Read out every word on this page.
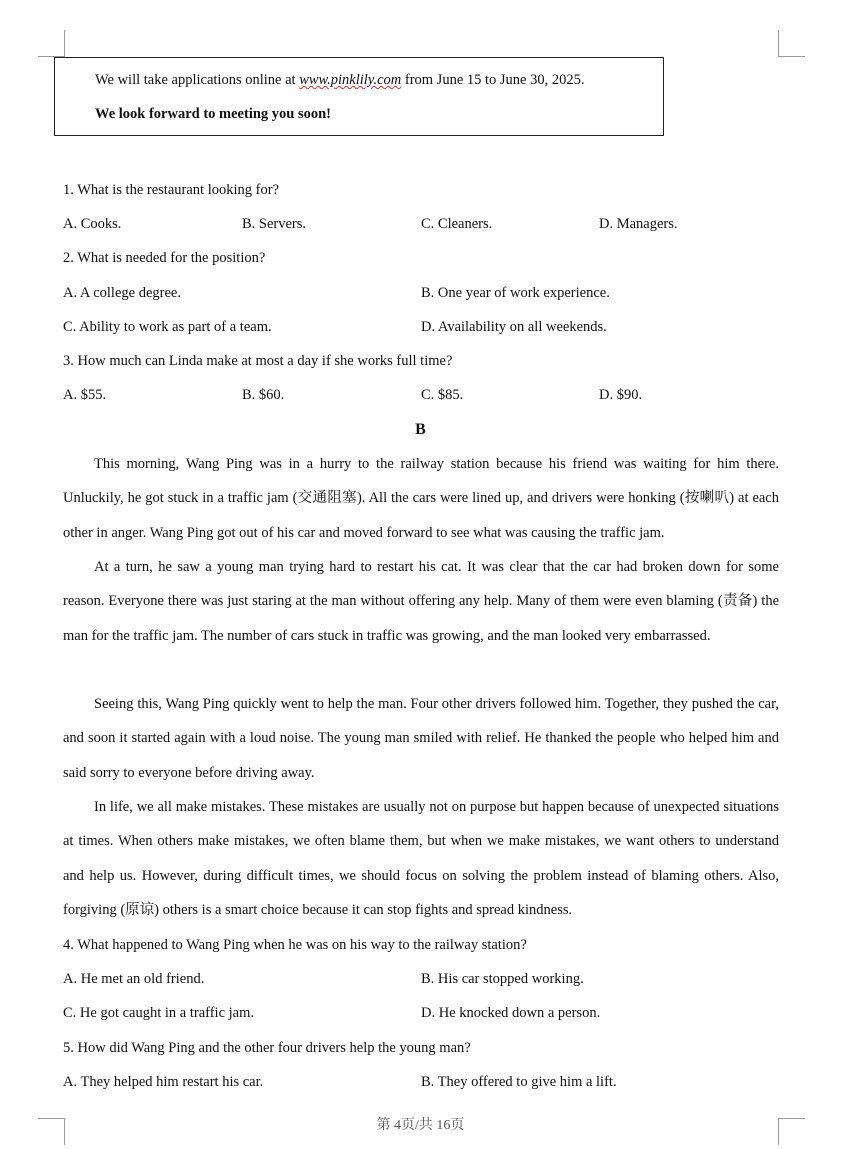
We will take applications online at www.pinklily.com from June 15 to June 30, 2025.
We look forward to meeting you soon!
1. What is the restaurant looking for?
A. Cooks.	B. Servers.	C. Cleaners.	D. Managers.
2. What is needed for the position?
A. A college degree.	B. One year of work experience.
C. Ability to work as part of a team.	D. Availability on all weekends.
3. How much can Linda make at most a day if she works full time?
A. $55.	B. $60.	C. $85.	D. $90.
B

This morning, Wang Ping was in a hurry to the railway station because his friend was waiting for him there. Unluckily, he got stuck in a traffic jam (交通阻塞). All the cars were lined up, and drivers were honking (按喇叭) at each other in anger. Wang Ping got out of his car and moved forward to see what was causing the traffic jam.

At a turn, he saw a young man trying hard to restart his cat. It was clear that the car had broken down for some reason. Everyone there was just staring at the man without offering any help. Many of them were even blaming (责备) the man for the traffic jam. The number of cars stuck in traffic was growing, and the man looked very embarrassed.

Seeing this, Wang Ping quickly went to help the man. Four other drivers followed him. Together, they pushed the car, and soon it started again with a loud noise. The young man smiled with relief. He thanked the people who helped him and said sorry to everyone before driving away.

In life, we all make mistakes. These mistakes are usually not on purpose but happen because of unexpected situations at times. When others make mistakes, we often blame them, but when we make mistakes, we want others to understand and help us. However, during difficult times, we should focus on solving the problem instead of blaming others. Also, forgiving (原谅) others is a smart choice because it can stop fights and spread kindness.

4. What happened to Wang Ping when he was on his way to the railway station?
A. He met an old friend.	B. His car stopped working.
C. He got caught in a traffic jam.	D. He knocked down a person.
5. How did Wang Ping and the other four drivers help the young man?
A. They helped him restart his car.	B. They offered to give him a lift.
第 4页/共 16页
